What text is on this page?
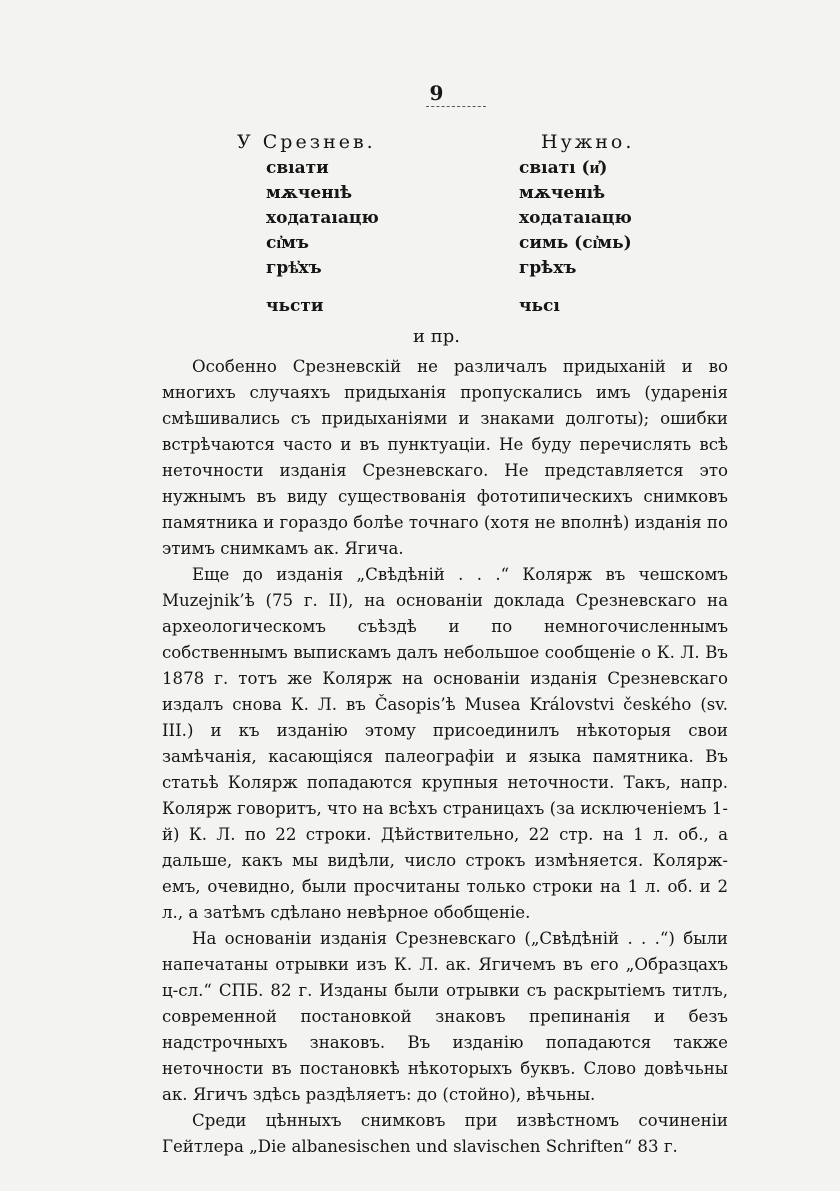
9
У Срезнев.	Нужно.
свıати
мѫченıѣ
ходатаıацю
сı҆мъ
грѣ҆хъ
чьсти
свıатı (и҆)
мѫченıѣ
ходатаıацю
симь (сı҆мь)
грѣхъ
чьсı
и пр.

Особенно Срезневскій не различалъ придыханій и во многихъ случаяхъ придыханія пропускались имъ (ударенія смѣшивались съ придыханіями и знаками долготы); ошибки встрѣчаются часто и въ пунктуаціи. Не буду перечислять всѣ неточности изданія Срезневскаго. Не представляется это нужнымъ въ виду существованія фототипическихъ снимковъ памятника и гораздо болѣе точнаго (хотя не вполнѣ) изданія по этимъ снимкамъ ак. Ягича.

Еще до изданія „Свѣдѣній . . .“ Колярж въ чешскомъ Muzejnik’ѣ (75 г. II), на основаніи доклада Срезневскаго на археологическомъ съѣздѣ и по немногочисленнымъ собственнымъ выпискамъ далъ небольшое сообщеніе о К. Л. Въ 1878 г. тотъ же Колярж на основаніи изданія Срезневскаго издалъ снова К. Л. въ Časopis’ѣ Musea Královstvi českého (sv. III.) и къ изданію этому присоединилъ нѣкоторыя свои замѣчанія, касающіяся палеографіи и языка памятника. Въ статьѣ Колярж попадаются крупныя неточности. Такъ, напр. Колярж говоритъ, что на всѣхъ страницахъ (за исключеніемъ 1-й) К. Л. по 22 строки. Дѣйствительно, 22 стр. на 1 л. об., а дальше, какъ мы видѣли, число строкъ измѣняется. Коляржемъ, очевидно, были просчитаны только строки на 1 л. об. и 2 л., а затѣмъ сдѣлано невѣрное обобщеніе.

На основаніи изданія Срезневскаго („Свѣдѣній . . .“) были напечатаны отрывки изъ К. Л. ак. Ягичемъ въ его „Образцахъ ц-сл.“ СПБ. 82 г. Изданы были отрывки съ раскрытіемъ титлъ, современной постановкой знаковъ препинанія и безъ надстрочныхъ знаковъ. Въ изданію попадаются также неточности въ постановкѣ нѣкоторыхъ буквъ. Слово довѣчьны ак. Ягичъ здѣсь раздѣляетъ: до (стойно), вѣчьны.

Среди цѣнныхъ снимковъ при извѣстномъ сочиненіи Гейтлера „Die albanesischen und slavischen Schriften“ 83 г.
